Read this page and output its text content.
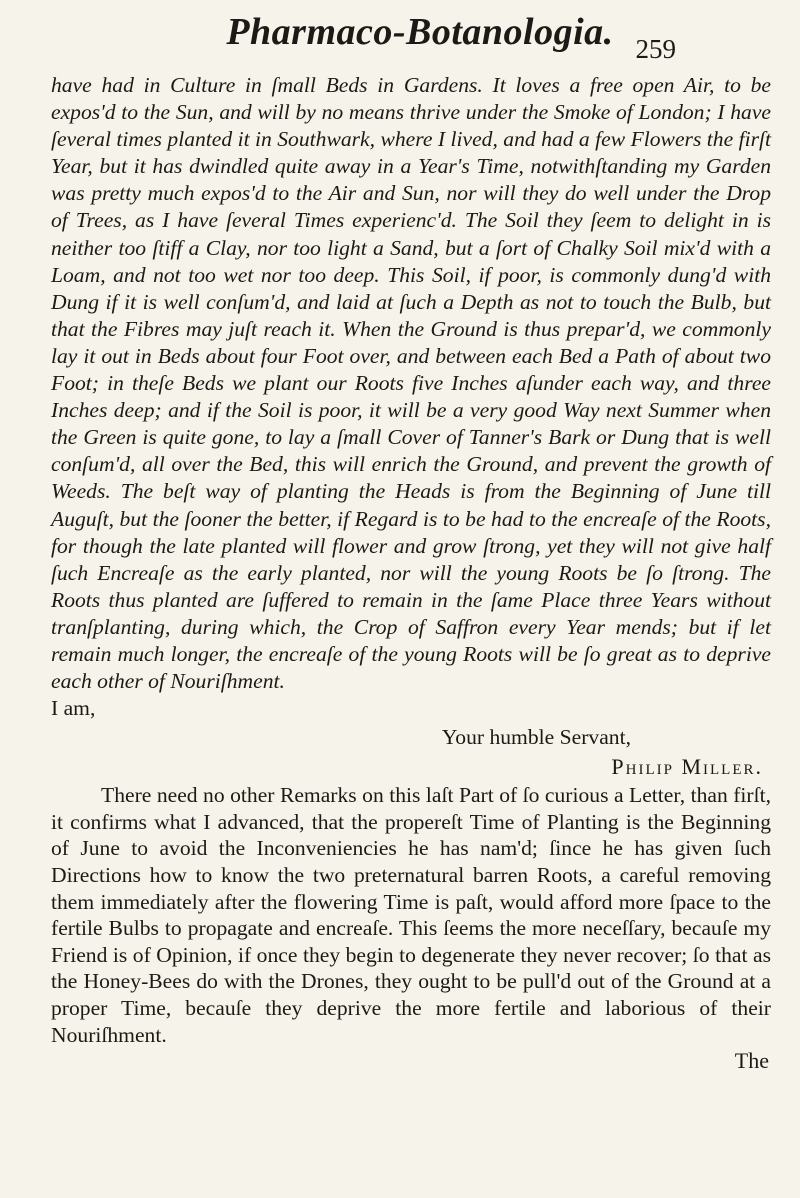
Pharmaco-Botanologia. 259

have had in Culture in ſmall Beds in Gardens. It loves a free open Air, to be expos'd to the Sun, and will by no means thrive under the Smoke of London; I have ſeveral times planted it in Southwark, where I lived, and had a few Flowers the firſt Year, but it has dwindled quite away in a Year's Time, notwithſtanding my Garden was pretty much expos'd to the Air and Sun, nor will they do well under the Drop of Trees, as I have ſeveral Times experienc'd. The Soil they ſeem to delight in is neither too ſtiff a Clay, nor too light a Sand, but a ſort of Chalky Soil mix'd with a Loam, and not too wet nor too deep. This Soil, if poor, is commonly dung'd with Dung if it is well conſum'd, and laid at ſuch a Depth as not to touch the Bulb, but that the Fibres may juſt reach it. When the Ground is thus prepar'd, we commonly lay it out in Beds about four Foot over, and between each Bed a Path of about two Foot; in theſe Beds we plant our Roots five Inches aſunder each way, and three Inches deep; and if the Soil is poor, it will be a very good Way next Summer when the Green is quite gone, to lay a ſmall Cover of Tanner's Bark or Dung that is well conſum'd, all over the Bed, this will enrich the Ground, and prevent the growth of Weeds. The beſt way of planting the Heads is from the Beginning of June till Auguſt, but the ſooner the better, if Regard is to be had to the encreaſe of the Roots, for though the late planted will flower and grow ſtrong, yet they will not give half ſuch Encreaſe as the early planted, nor will the young Roots be ſo ſtrong. The Roots thus planted are ſuffered to remain in the ſame Place three Years without tranſplanting, during which, the Crop of Saffron every Year mends; but if let remain much longer, the encreaſe of the young Roots will be ſo great as to deprive each other of Nouriſhment.

I am,

Your humble Servant,

Philip Miller.

There need no other Remarks on this laſt Part of ſo curious a Letter, than firſt, it confirms what I advanced, that the propereſt Time of Planting is the Beginning of June to avoid the Inconveniencies he has nam'd; ſince he has given ſuch Directions how to know the two preternatural barren Roots, a careful removing them immediately after the flowering Time is paſt, would afford more ſpace to the fertile Bulbs to propagate and encreaſe. This ſeems the more neceſſary, becauſe my Friend is of Opinion, if once they begin to degenerate they never recover; ſo that as the Honey-Bees do with the Drones, they ought to be pull'd out of the Ground at a proper Time, becauſe they deprive the more fertile and laborious of their Nouriſhment.

The
